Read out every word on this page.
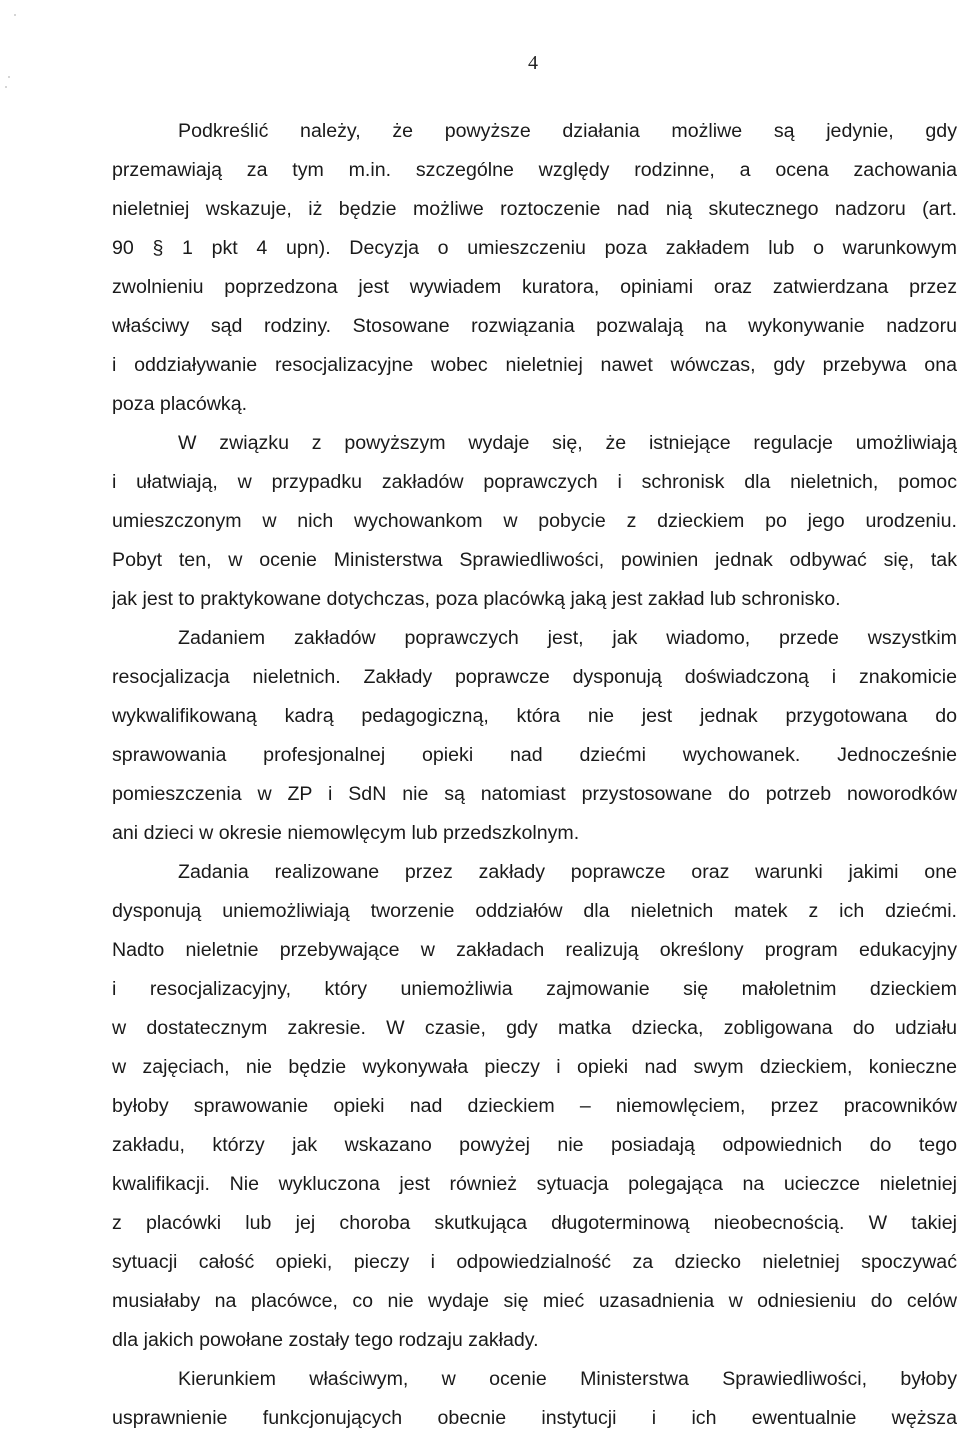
4
Podkreślić należy, że powyższe działania możliwe są jedynie, gdy
przemawiają za tym m.in. szczególne względy rodzinne, a ocena zachowania
nieletniej wskazuje, iż będzie możliwe roztoczenie nad nią skutecznego nadzoru (art.
90 § 1 pkt 4 upn). Decyzja o umieszczeniu poza zakładem lub o warunkowym
zwolnieniu poprzedzona jest wywiadem kuratora, opiniami oraz zatwierdzana przez
właściwy sąd rodziny. Stosowane rozwiązania pozwalają na wykonywanie nadzoru
i oddziaływanie resocjalizacyjne wobec nieletniej nawet wówczas, gdy przebywa ona
poza placówką.
W związku z powyższym wydaje się, że istniejące regulacje umożliwiają
i ułatwiają, w przypadku zakładów poprawczych i schronisk dla nieletnich, pomoc
umieszczonym w nich wychowankom w pobycie z dzieckiem po jego urodzeniu.
Pobyt ten, w ocenie Ministerstwa Sprawiedliwości, powinien jednak odbywać się, tak
jak jest to praktykowane dotychczas, poza placówką jaką jest zakład lub schronisko.
Zadaniem zakładów poprawczych jest, jak wiadomo, przede wszystkim
resocjalizacja nieletnich. Zakłady poprawcze dysponują doświadczoną i znakomicie
wykwalifikowaną kadrą pedagogiczną, która nie jest jednak przygotowana do
sprawowania profesjonalnej opieki nad dziećmi wychowanek. Jednocześnie
pomieszczenia w ZP i SdN nie są natomiast przystosowane do potrzeb noworodków
ani dzieci w okresie niemowlęcym lub przedszkolnym.
Zadania realizowane przez zakłady poprawcze oraz warunki jakimi one
dysponują uniemożliwiają tworzenie oddziałów dla nieletnich matek z ich dziećmi.
Nadto nieletnie przebywające w zakładach realizują określony program edukacyjny
i resocjalizacyjny, który uniemożliwia zajmowanie się małoletnim dzieckiem
w dostatecznym zakresie. W czasie, gdy matka dziecka, zobligowana do udziału
w zajęciach, nie będzie wykonywała pieczy i opieki nad swym dzieckiem, konieczne
byłoby sprawowanie opieki nad dzieckiem – niemowlęciem, przez pracowników
zakładu, którzy jak wskazano powyżej nie posiadają odpowiednich do tego
kwalifikacji. Nie wykluczona jest również sytuacja polegająca na ucieczce nieletniej
z placówki lub jej choroba skutkująca długoterminową nieobecnością. W takiej
sytuacji całość opieki, pieczy i odpowiedzialność za dziecko nieletniej spoczywać
musiałaby na placówce, co nie wydaje się mieć uzasadnienia w odniesieniu do celów
dla jakich powołane zostały tego rodzaju zakłady.
Kierunkiem właściwym, w ocenie Ministerstwa Sprawiedliwości, byłoby
usprawnienie funkcjonujących obecnie instytucji i ich ewentualnie węższa
